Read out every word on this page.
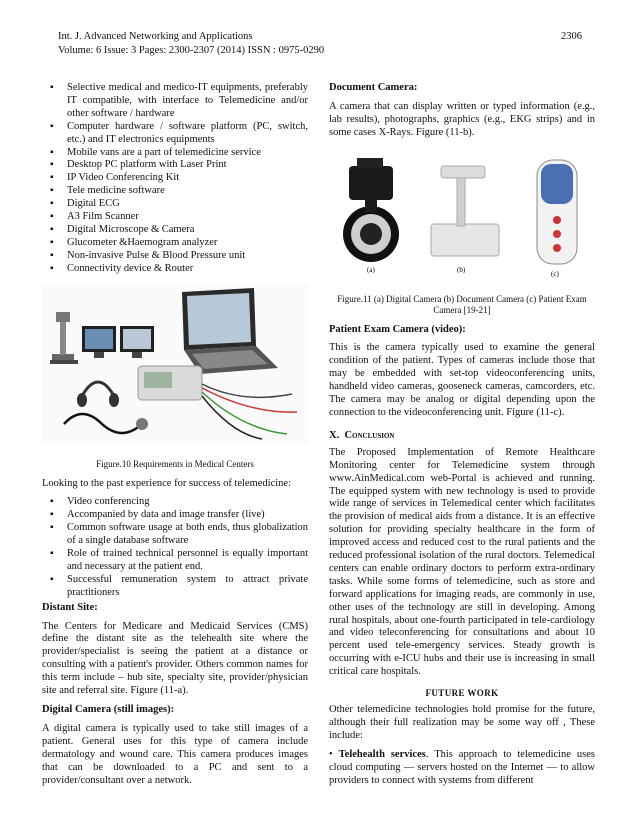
Int. J. Advanced Networking and Applications	2306
Volume: 6 Issue: 3 Pages: 2300-2307 (2014) ISSN : 0975-0290
▪ Selective medical and medico-IT equipments, preferably IT compatible, with interface to Telemedicine and/or other software / hardware
▪ Computer hardware / software platform (PC, switch, etc.) and IT electronics equipments
▪ Mobile vans are a part of telemedicine service
▪ Desktop PC platform with Laser Print
▪ IP Video Conferencing Kit
▪ Tele medicine software
▪ Digital ECG
▪ A3 Film Scanner
▪ Digital Microscope & Camera
▪ Glucometer &Haemogram analyzer
▪ Non-invasive Pulse & Blood Pressure unit
▪ Connectivity device & Router
Figure.10 Requirements in Medical Centers

Looking to the past experience for success of telemedicine:

▪ Video conferencing
▪ Accompanied by data and image transfer (live)
▪ Common software usage at both ends, thus globalization of a single database software
▪ Role of trained technical personnel is equally important and necessary at the patient end.
▪ Successful remuneration system to attract private practitioners
Distant Site:

The Centers for Medicare and Medicaid Services (CMS) define the distant site as the telehealth site where the provider/specialist is seeing the patient at a distance or consulting with a patient's provider. Others common names for this term include – hub site, specialty site, provider/physician site and referral site. Figure (11-a).

Digital Camera (still images):

A digital camera is typically used to take still images of a patient. General uses for this type of camera include dermatology and wound care. This camera produces images that can be downloaded to a PC and sent to a provider/consultant over a network.

Document Camera:

A camera that can display written or typed information (e.g., lab results), photographs, graphics (e.g., EKG strips) and in some cases X-Rays. Figure (11-b).

(a)	(b)	(c)
Figure.11 (a) Digital Camera (b) Document Camera (c) Patient Exam Camera [19-21]
Patient Exam Camera (video):

This is the camera typically used to examine the general condition of the patient. Types of cameras include those that may be embedded with set-top videoconferencing units, handheld video cameras, gooseneck cameras, camcorders, etc. The camera may be analog or digital depending upon the connection to the videoconferencing unit. Figure (11-c).

X. Conclusion

The Proposed Implementation of Remote Healthcare Monitoring center for Telemedicine system through www.AinMedical.com web-Portal is achieved and running. The equipped system with new technology is used to provide wide range of services in Telemedical center which facilitates the provision of medical aids from a distance. It is an effective solution for providing specialty healthcare in the form of improved access and reduced cost to the rural patients and the reduced professional isolation of the rural doctors. Telemedical centers can enable ordinary doctors to perform extra-ordinary tasks. While some forms of telemedicine, such as store and forward applications for imaging reads, are commonly in use, other uses of the technology are still in developing. Among rural hospitals, about one-fourth participated in tele-cardiology and video teleconferencing for consultations and about 10 percent used tele-emergency services. Steady growth is occurring with e-ICU hubs and their use is increasing in small critical care hospitals.

FUTURE WORK

Other telemedicine technologies hold promise for the future, although their full realization may be some way off , These include:

• Telehealth services. This approach to telemedicine uses cloud computing — servers hosted on the Internet — to allow providers to connect with systems from different
